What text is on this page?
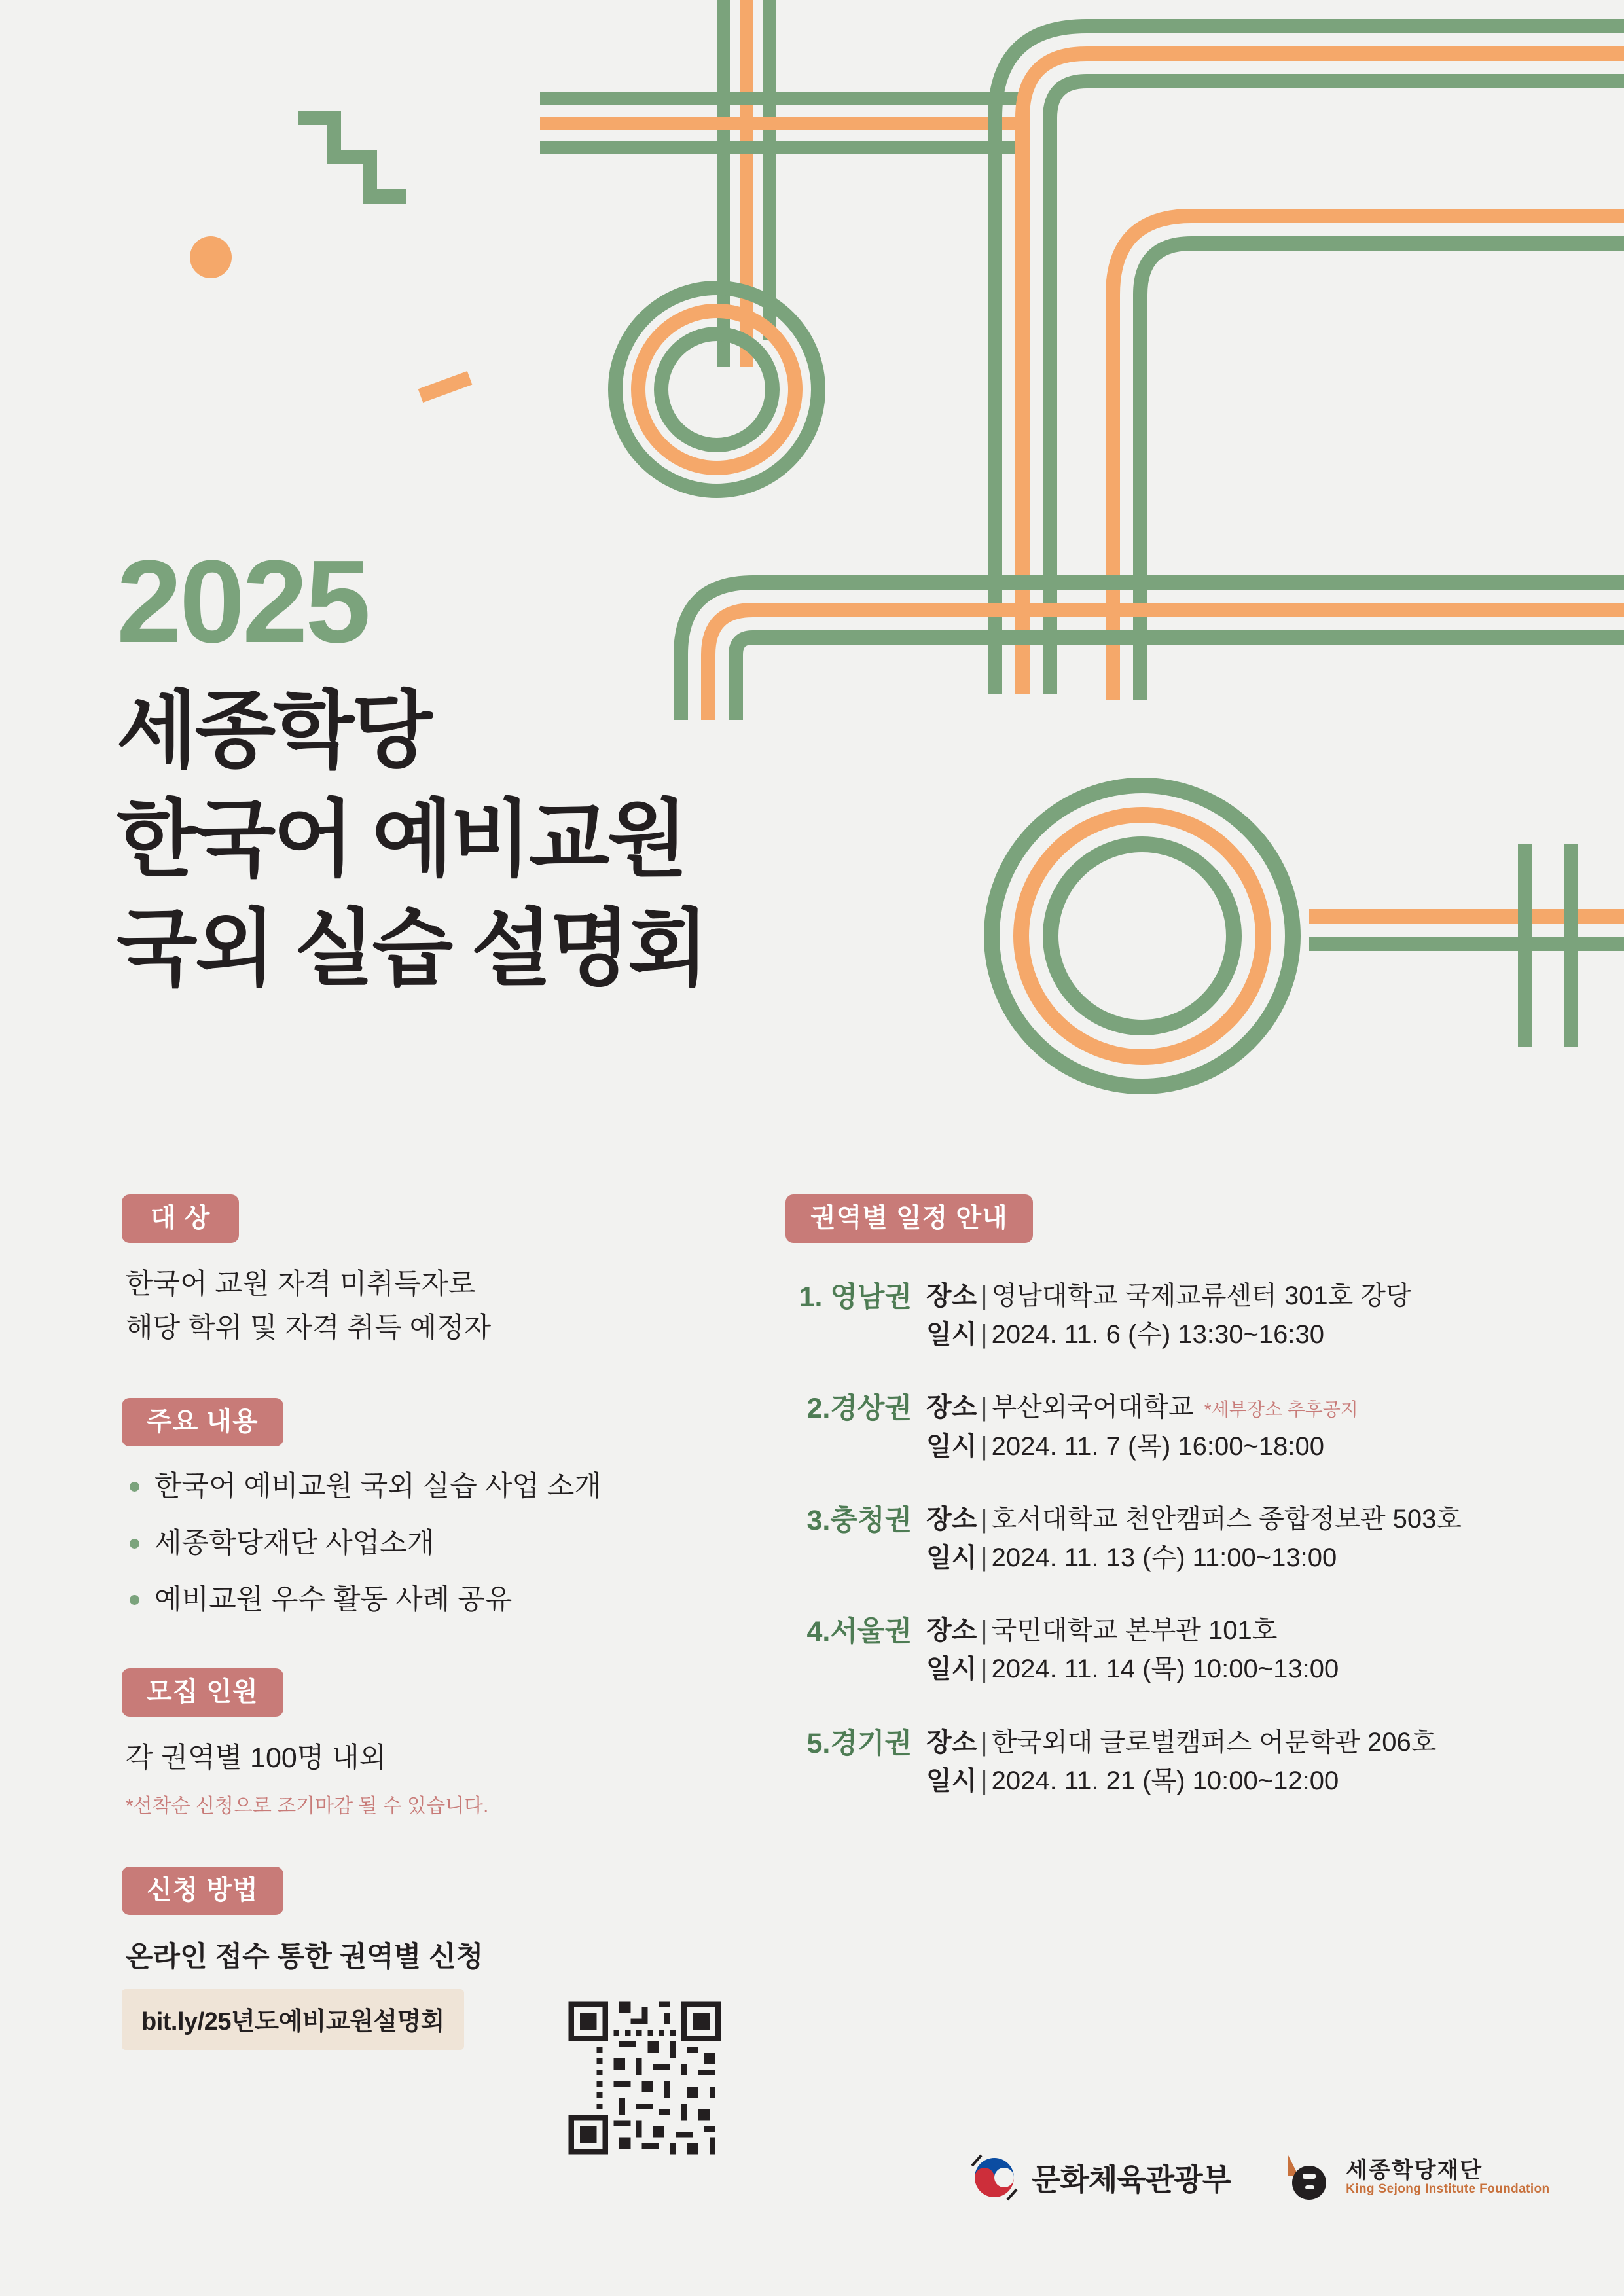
2025
세종학당
한국어 예비교원
국외 실습 설명회
대 상
한국어 교원 자격 미취득자로
해당 학위 및 자격 취득 예정자
주요 내용
한국어 예비교원 국외 실습 사업 소개
세종학당재단 사업소개
예비교원 우수 활동 사례 공유
모집 인원
각 권역별 100명 내외
*선착순 신청으로 조기마감 될 수 있습니다.
신청 방법
온라인 접수 통한 권역별 신청
bit.ly/25년도예비교원설명회
권역별 일정 안내
1. 영남권 장소 | 영남대학교 국제교류센터 301호 강당
일시 | 2024. 11. 6 (수) 13:30~16:30
2.경상권 장소 | 부산외국어대학교 *세부장소 추후공지
일시 | 2024. 11. 7 (목) 16:00~18:00
3.충청권 장소 | 호서대학교 천안캠퍼스 종합정보관 503호
일시 | 2024. 11. 13 (수) 11:00~13:00
4.서울권 장소 | 국민대학교 본부관 101호
일시 | 2024. 11. 14 (목) 10:00~13:00
5.경기권 장소 | 한국외대 글로벌캠퍼스 어문학관 206호
일시 | 2024. 11. 21 (목) 10:00~12:00
문화체육관광부	세종학당재단
King Sejong Institute Foundation
